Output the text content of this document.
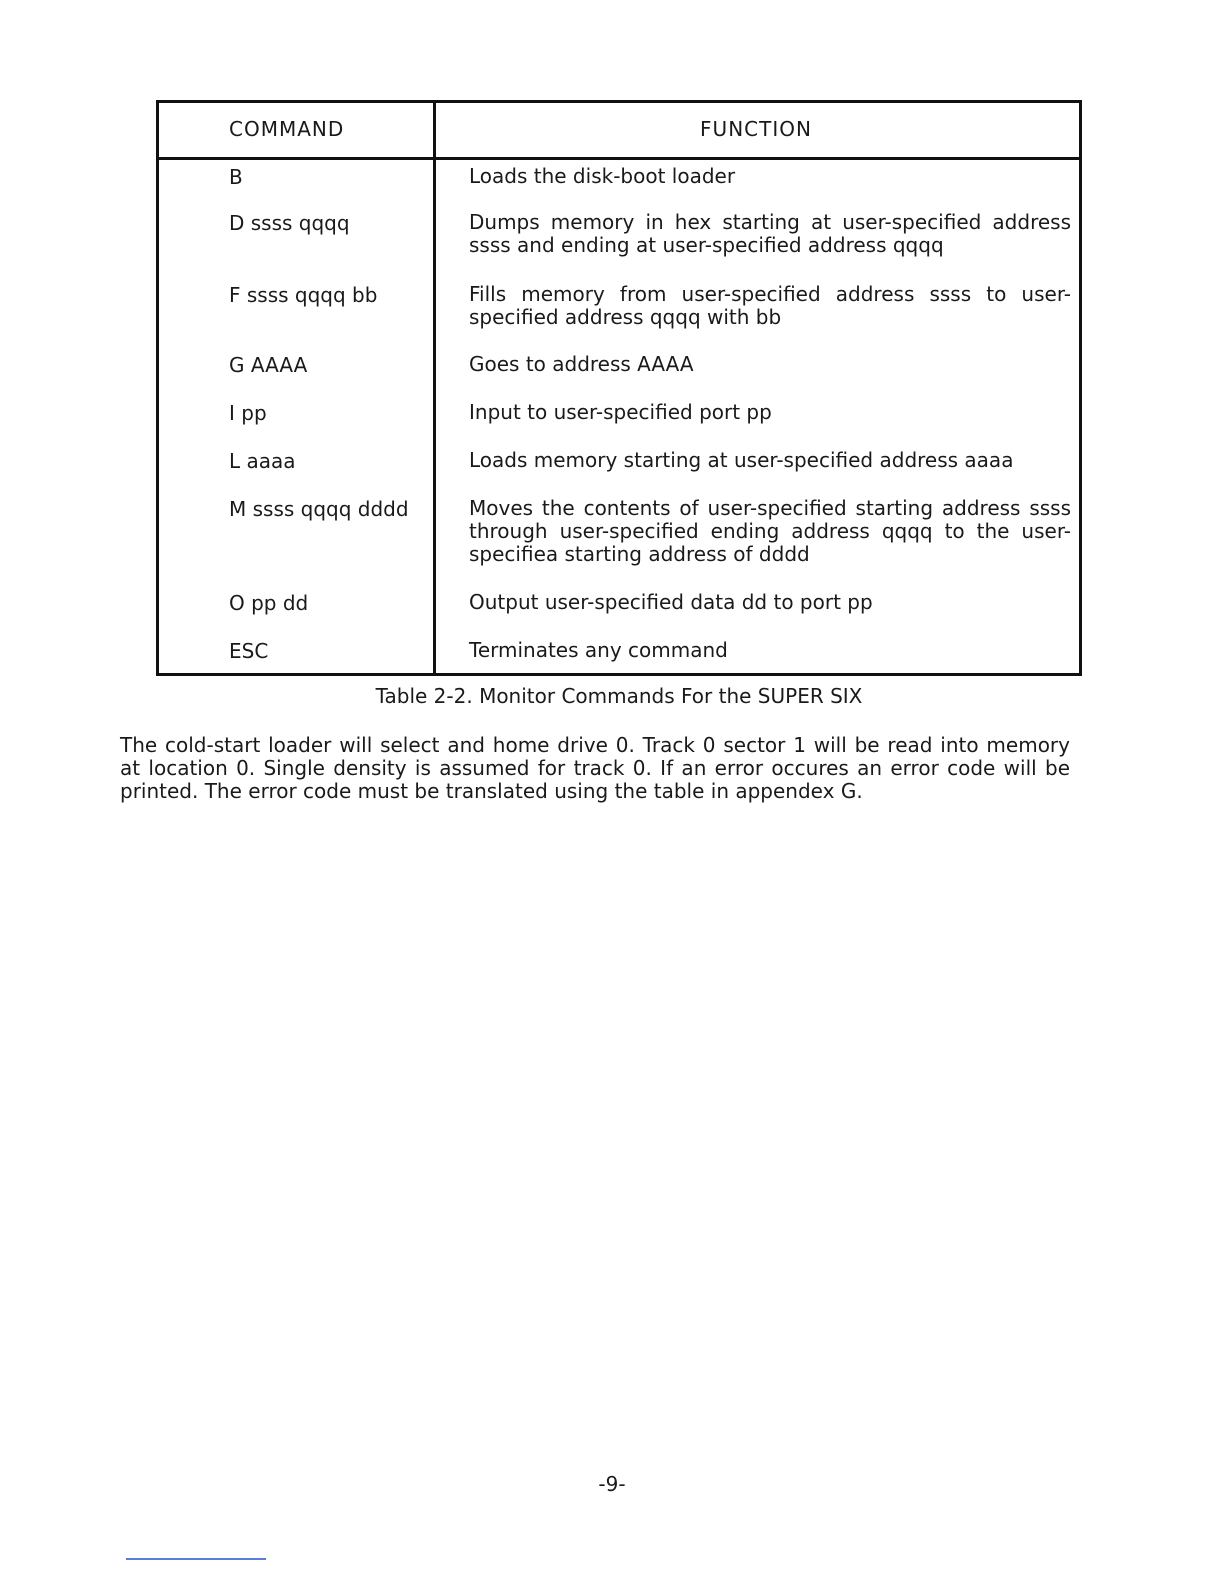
COMMAND	FUNCTION
B	Loads the disk-boot loader
D ssss qqqq	Dumps memory in hex starting at user-specified address ssss and ending at user-specified address qqqq
F ssss qqqq bb	Fills memory from user-specified address ssss to user-specified address qqqq with bb
G AAAA	Goes to address AAAA
I pp	Input to user-specified port pp
L aaaa	Loads memory starting at user-specified address aaaa
M ssss qqqq dddd	Moves the contents of user-specified starting address ssss through user-specified ending address qqqq to the user-specifiea starting address of dddd
O pp dd	Output user-specified data dd to port pp
ESC	Terminates any command
Table 2-2. Monitor Commands For the SUPER SIX
The cold-start loader will select and home drive 0. Track 0 sector 1 will be read into memory at location 0. Single density is assumed for track 0. If an error occures an error code will be printed. The error code must be translated using the table in appendex G.
-9-
